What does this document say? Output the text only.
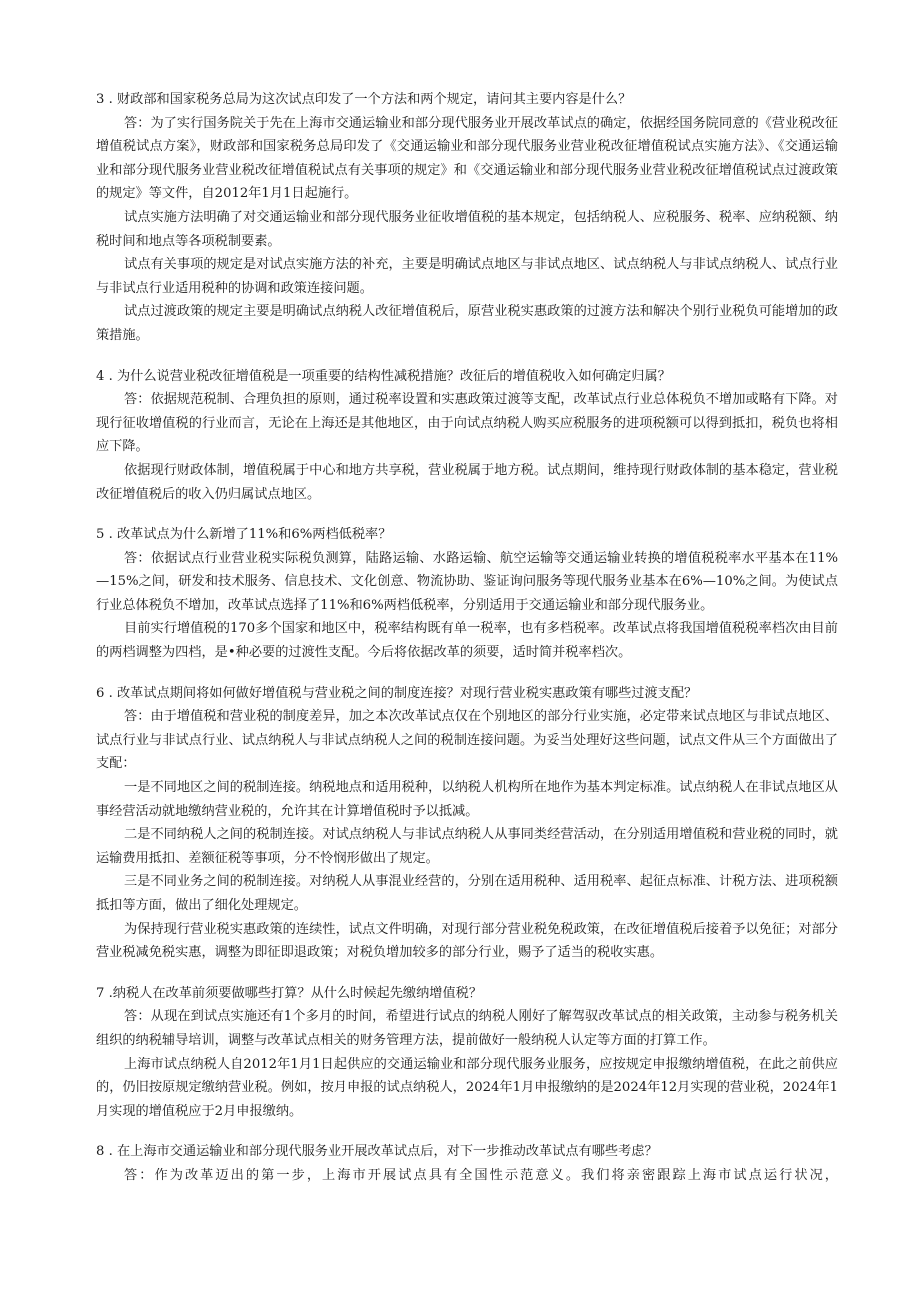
3 . 财政部和国家税务总局为这次试点印发了一个方法和两个规定，请问其主要内容是什么？

答：为了实行国务院关于先在上海市交通运输业和部分现代服务业开展改革试点的确定，依据经国务院同意的《营业税改征增值税试点方案》，财政部和国家税务总局印发了《交通运输业和部分现代服务业营业税改征增值税试点实施方法》、《交通运输业和部分现代服务业营业税改征增值税试点有关事项的规定》和《交通运输业和部分现代服务业营业税改征增值税试点过渡政策的规定》等文件，自2012年1月1日起施行。

试点实施方法明确了对交通运输业和部分现代服务业征收增值税的基本规定，包括纳税人、应税服务、税率、应纳税额、纳税时间和地点等各项税制要素。

试点有关事项的规定是对试点实施方法的补充，主要是明确试点地区与非试点地区、试点纳税人与非试点纳税人、试点行业与非试点行业适用税种的协调和政策连接问题。

试点过渡政策的规定主要是明确试点纳税人改征增值税后，原营业税实惠政策的过渡方法和解决个别行业税负可能增加的政策措施。

4 . 为什么说营业税改征增值税是一项重要的结构性减税措施？改征后的增值税收入如何确定归属？

答：依据规范税制、合理负担的原则，通过税率设置和实惠政策过渡等支配，改革试点行业总体税负不增加或略有下降。对现行征收增值税的行业而言，无论在上海还是其他地区，由于向试点纳税人购买应税服务的进项税额可以得到抵扣，税负也将相应下降。

依据现行财政体制，增值税属于中心和地方共享税，营业税属于地方税。试点期间，维持现行财政体制的基本稳定，营业税改征增值税后的收入仍归属试点地区。

5 . 改革试点为什么新增了11%和6%两档低税率？

答：依据试点行业营业税实际税负测算，陆路运输、水路运输、航空运输等交通运输业转换的增值税税率水平基本在11%—15%之间，研发和技术服务、信息技术、文化创意、物流协助、鉴证询问服务等现代服务业基本在6%—10%之间。为使试点行业总体税负不增加，改革试点选择了11%和6%两档低税率，分别适用于交通运输业和部分现代服务业。

目前实行增值税的170多个国家和地区中，税率结构既有单一税率，也有多档税率。改革试点将我国增值税税率档次由目前的两档调整为四档，是•种必要的过渡性支配。今后将依据改革的须要，适时简并税率档次。

6 . 改革试点期间将如何做好增值税与营业税之间的制度连接？对现行营业税实惠政策有哪些过渡支配？

答：由于增值税和营业税的制度差异，加之本次改革试点仅在个别地区的部分行业实施，必定带来试点地区与非试点地区、试点行业与非试点行业、试点纳税人与非试点纳税人之间的税制连接问题。为妥当处理好这些问题，试点文件从三个方面做出了支配：

一是不同地区之间的税制连接。纳税地点和适用税种，以纳税人机构所在地作为基本判定标准。试点纳税人在非试点地区从事经营活动就地缴纳营业税的，允许其在计算增值税时予以抵减。

二是不同纳税人之间的税制连接。对试点纳税人与非试点纳税人从事同类经营活动，在分别适用增值税和营业税的同时，就运输费用抵扣、差额征税等事项，分不怜悯形做出了规定。

三是不同业务之间的税制连接。对纳税人从事混业经营的，分别在适用税种、适用税率、起征点标准、计税方法、进项税额抵扣等方面，做出了细化处理规定。

为保持现行营业税实惠政策的连续性，试点文件明确，对现行部分营业税免税政策，在改征增值税后接着予以免征；对部分营业税减免税实惠，调整为即征即退政策；对税负增加较多的部分行业，赐予了适当的税收实惠。

7 .纳税人在改革前须要做哪些打算？从什么时候起先缴纳增值税？

答：从现在到试点实施还有1个多月的时间，希望进行试点的纳税人刚好了解驾驭改革试点的相关政策，主动参与税务机关组织的纳税辅导培训，调整与改革试点相关的财务管理方法，提前做好一般纳税人认定等方面的打算工作。

上海市试点纳税人自2012年1月1日起供应的交通运输业和部分现代服务业服务，应按规定申报缴纳增值税，在此之前供应的，仍旧按原规定缴纳营业税。例如，按月申报的试点纳税人，2024年1月申报缴纳的是2024年12月实现的营业税，2024年1月实现的增值税应于2月申报缴纳。

8 . 在上海市交通运输业和部分现代服务业开展改革试点后，对下一步推动改革试点有哪些考虑？

答：作为改革迈出的第一步，上海市开展试点具有全国性示范意义。我们将亲密跟踪上海市试点运行状况，
